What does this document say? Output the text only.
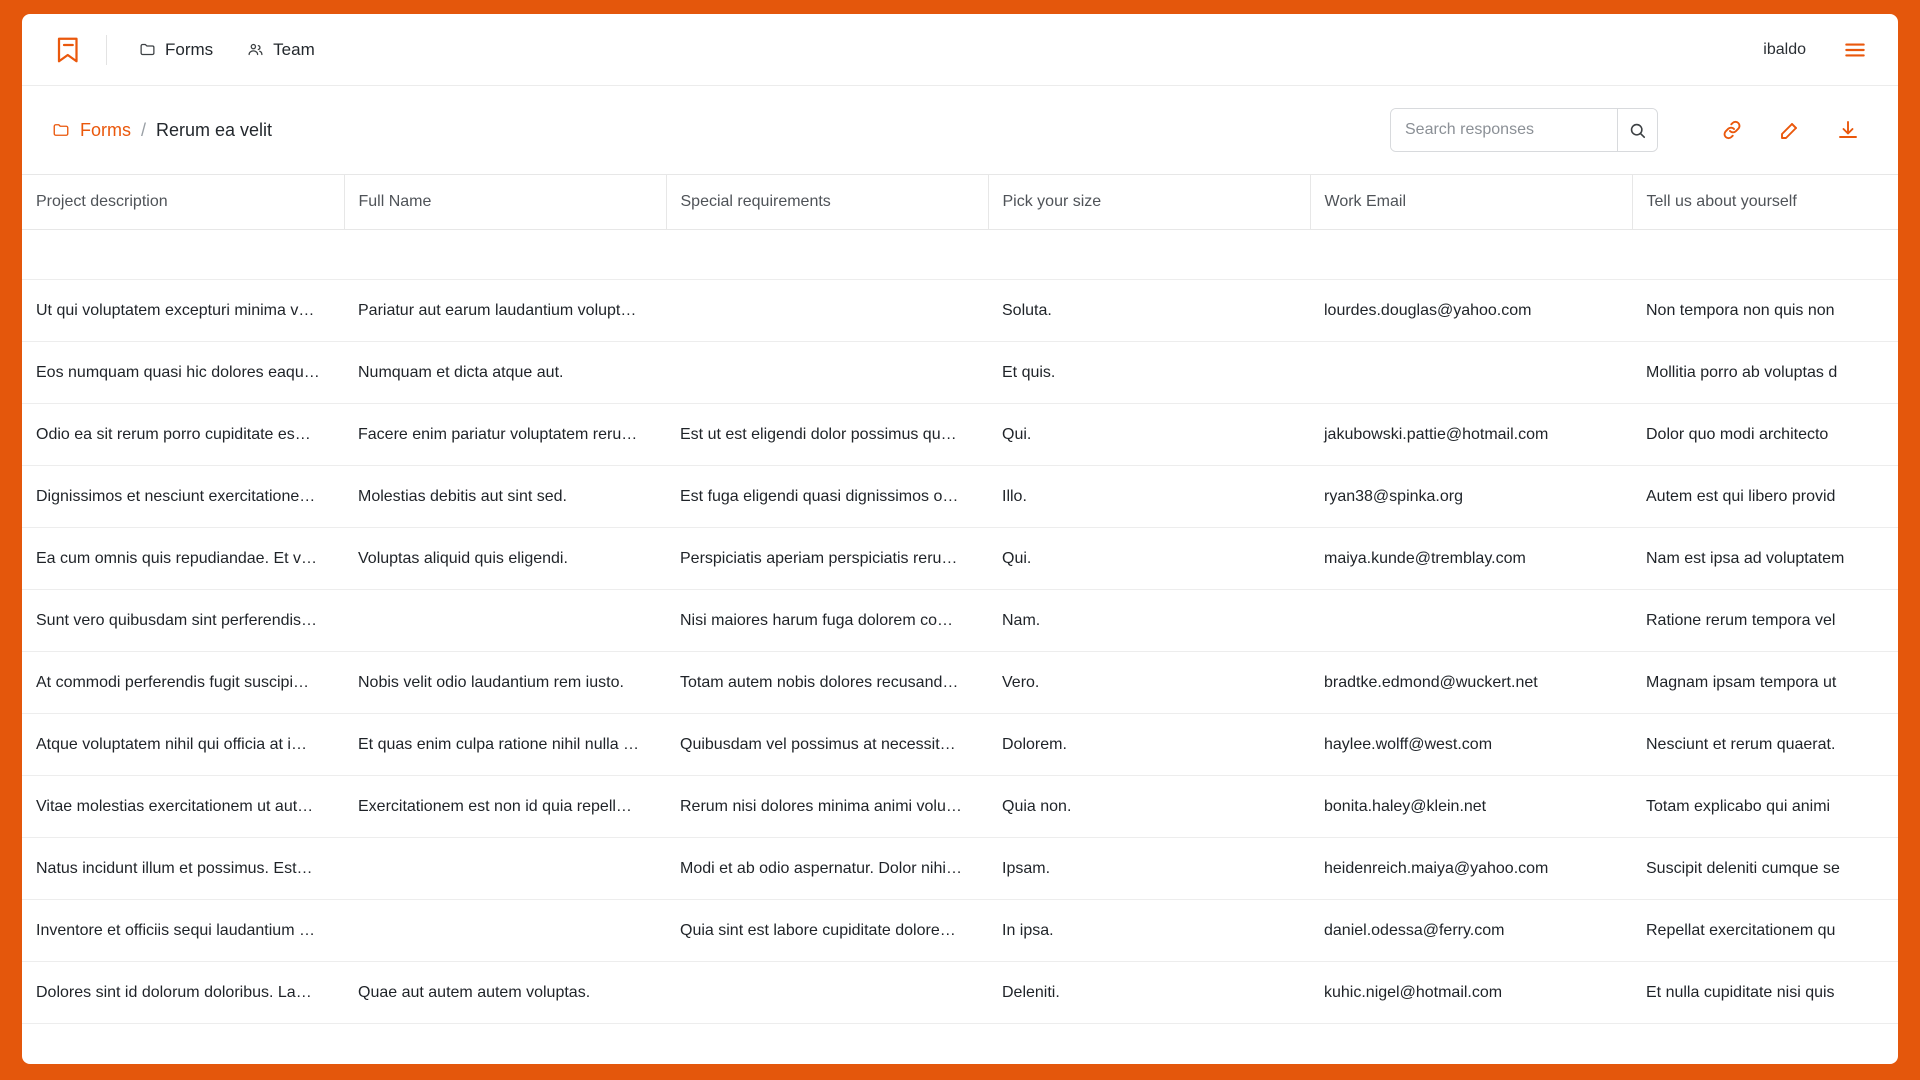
Forms	Team	ibaldo
Forms / Rerum ea velit
Search responses
Project description	Full Name	Special requirements	Pick your size	Work Email	Tell us about yourself

Ut qui voluptatem excepturi minima v…	Pariatur aut earum laudantium volupt…		Soluta.	lourdes.douglas@yahoo.com	Non tempora non quis non
Eos numquam quasi hic dolores eaqu…	Numquam et dicta atque aut.		Et quis.		Mollitia porro ab voluptas d
Odio ea sit rerum porro cupiditate es…	Facere enim pariatur voluptatem reru…	Est ut est eligendi dolor possimus qu…	Qui.	jakubowski.pattie@hotmail.com	Dolor quo modi architecto
Dignissimos et nesciunt exercitatione…	Molestias debitis aut sint sed.	Est fuga eligendi quasi dignissimos o…	Illo.	ryan38@spinka.org	Autem est qui libero provid
Ea cum omnis quis repudiandae. Et v…	Voluptas aliquid quis eligendi.	Perspiciatis aperiam perspiciatis reru…	Qui.	maiya.kunde@tremblay.com	Nam est ipsa ad voluptatem
Sunt vero quibusdam sint perferendis…		Nisi maiores harum fuga dolorem co…	Nam.		Ratione rerum tempora vel
At commodi perferendis fugit suscipi…	Nobis velit odio laudantium rem iusto.	Totam autem nobis dolores recusand…	Vero.	bradtke.edmond@wuckert.net	Magnam ipsam tempora ut
Atque voluptatem nihil qui officia at i…	Et quas enim culpa ratione nihil nulla …	Quibusdam vel possimus at necessit…	Dolorem.	haylee.wolff@west.com	Nesciunt et rerum quaerat.
Vitae molestias exercitationem ut aut…	Exercitationem est non id quia repell…	Rerum nisi dolores minima animi volu…	Quia non.	bonita.haley@klein.net	Totam explicabo qui animi
Natus incidunt illum et possimus. Est…		Modi et ab odio aspernatur. Dolor nihi…	Ipsam.	heidenreich.maiya@yahoo.com	Suscipit deleniti cumque se
Inventore et officiis sequi laudantium …		Quia sint est labore cupiditate dolore…	In ipsa.	daniel.odessa@ferry.com	Repellat exercitationem qu
Dolores sint id dolorum doloribus. La…	Quae aut autem autem voluptas.		Deleniti.	kuhic.nigel@hotmail.com	Et nulla cupiditate nisi quis
